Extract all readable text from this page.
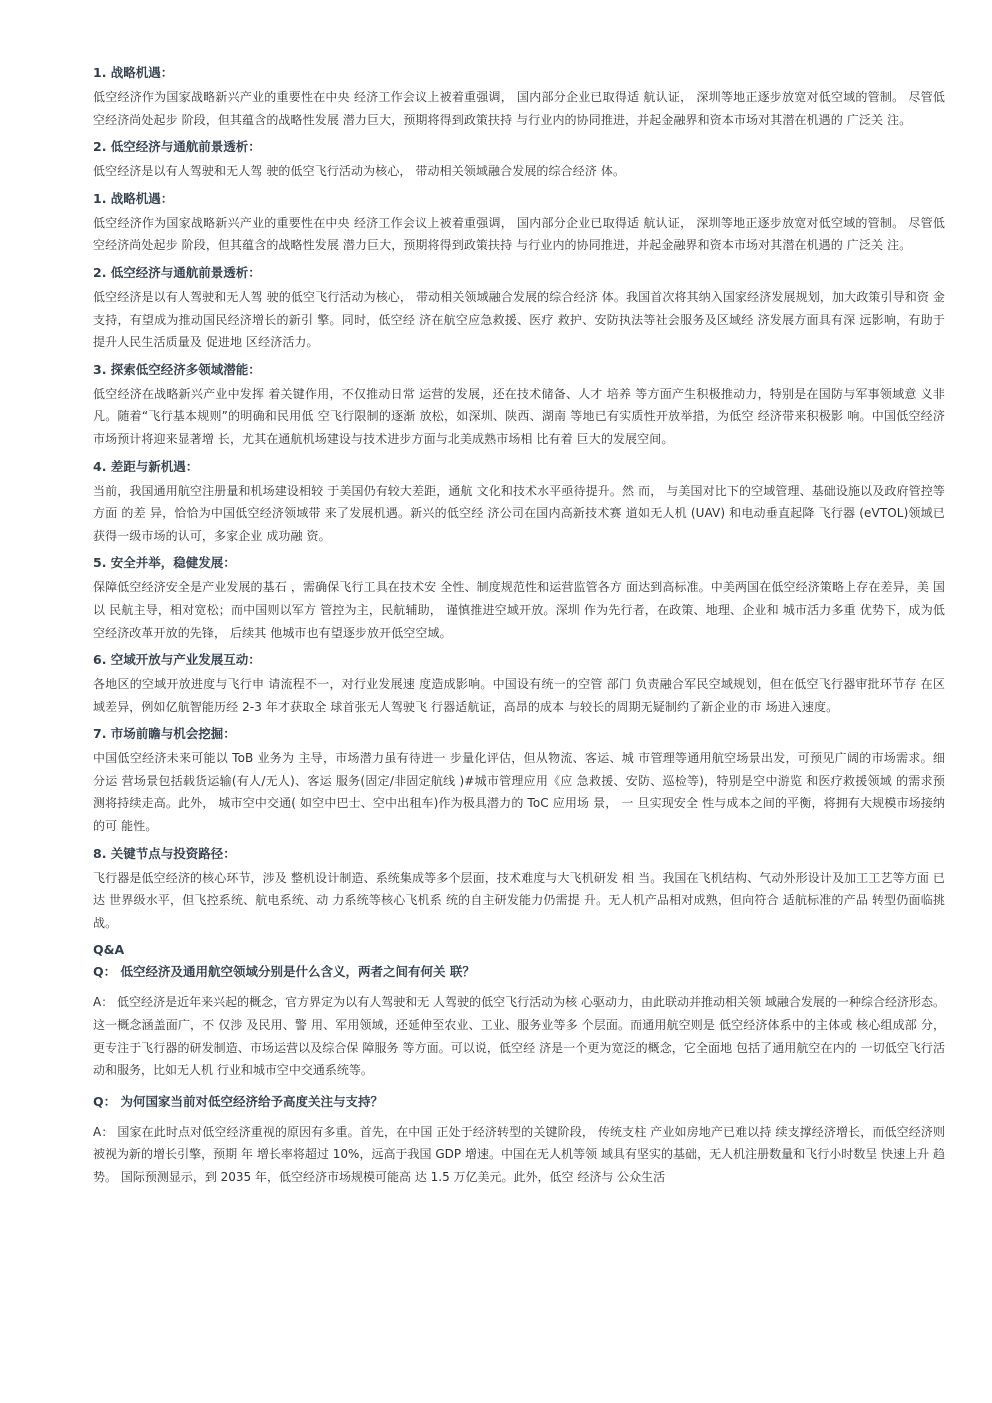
1. 战略机遇：
低空经济作为国家战略新兴产业的重要性在中央 经济工作会议上被着重强调， 国内部分企业已取得适 航认证， 深圳等地正逐步放宽对低空域的管制。 尽管低空经济尚处起步 阶段，但其蕴含的战略性发展 潜力巨大，预期将得到政策扶持 与行业内的协同推进，并起金融界和资本市场对其潜在机遇的 广泛关 注。
2. 低空经济与通航前景透析：
低空经济是以有人驾驶和无人驾 驶的低空飞行活动为核心， 带动相关领域融合发展的综合经济 体。
1. 战略机遇：
低空经济作为国家战略新兴产业的重要性在中央 经济工作会议上被着重强调， 国内部分企业已取得适 航认证， 深圳等地正逐步放宽对低空域的管制。 尽管低空经济尚处起步 阶段，但其蕴含的战略性发展 潜力巨大，预期将得到政策扶持 与行业内的协同推进，并起金融界和资本市场对其潜在机遇的 广泛关 注。
2. 低空经济与通航前景透析：
低空经济是以有人驾驶和无人驾 驶的低空飞行活动为核心， 带动相关领域融合发展的综合经济 体。我国首次将其纳入国家经济发展规划，加大政策引导和资 金支持，有望成为推动国民经济增长的新引 擎。同时，低空经 济在航空应急救援、医疗 救护、安防执法等社会服务及区域经 济发展方面具有深 远影响，有助于提升人民生活质量及 促进地 区经济活力。
3. 探索低空经济多领域潜能：
低空经济在战略新兴产业中发挥 着关键作用，不仅推动日常 运营的发展，还在技术储备、人才 培养 等方面产生积极推动力，特别是在国防与军事领域意 义非 凡。随着“飞行基本规则”的明确和民用低 空飞行限制的逐渐 放松，如深圳、陕西、湖南 等地已有实质性开放举措，为低空 经济带来积极影 响。中国低空经济市场预计将迎来显著增 长，尤其在通航机场建设与技术进步方面与北美成熟市场相 比有着 巨大的发展空间。
4. 差距与新机遇：
当前，我国通用航空注册量和机场建设相较 于美国仍有较大差距，通航 文化和技术水平亟待提升。然 而， 与美国对比下的空域管理、基础设施以及政府管控等方面 的差 异，恰恰为中国低空经济领域带 来了发展机遇。新兴的低空经 济公司在国内高新技术赛 道如无人机 (UAV) 和电动垂直起降 飞行器 (eVTOL)领域已获得一级市场的认可，多家企业 成功融 资。
5. 安全并举，稳健发展：
保障低空经济安全是产业发展的基石 ，需确保飞行工具在技术安 全性、制度规范性和运营监管各方 面达到高标准。中美两国在低空经济策略上存在差异，美 国以 民航主导，相对宽松；而中国则以军方 管控为主，民航辅助， 谨慎推进空域开放。深圳 作为先行者，在政策、地理、企业和 城市活力多重 优势下，成为低空经济改革开放的先锋， 后续其 他城市也有望逐步放开低空空域。
6. 空域开放与产业发展互动：
各地区的空域开放进度与飞行申 请流程不一，对行业发展速 度造成影响。中国设有统一的空管 部门 负责融合军民空域规划，但在低空飞行器审批环节存 在区域差异，例如亿航智能历经 2-3 年才获取全 球首张无人驾驶飞 行器适航证，高昂的成本 与较长的周期无疑制约了新企业的市 场进入速度。
7. 市场前瞻与机会挖掘：
中国低空经济未来可能以 ToB 业务为 主导，市场潜力虽有待进一 步量化评估，但从物流、客运、城 市管理等通用航空场景出发，可预见广阔的市场需求。细 分运 营场景包括载货运输(有人/无人)、客运 服务(固定/非固定航线 )#城市管理应用《应 急救援、安防、巡检等)，特别是空中游览 和医疗救援领域 的需求预测将持续走高。此外， 城市空中交通( 如空中巴士、空中出租车)作为极具潜力的 ToC 应用场 景， 一 旦实现安全 性与成本之间的平衡，将拥有大规模市场接纳的可 能性。
8. 关键节点与投资路径：
飞行器是低空经济的核心环节，涉及 整机设计制造、系统集成等多个层面，技术难度与大飞机研发 相 当。我国在飞机结构、气动外形设计及加工工艺等方面 已达 世界级水平，但飞控系统、航电系统、动 力系统等核心飞机系 统的自主研发能力仍需提 升。无人机产品相对成熟，但向符合 适航标准的产品 转型仍面临挑战。
Q&A
Q： 低空经济及通用航空领域分别是什么含义，两者之间有何关 联？
A： 低空经济是近年来兴起的概念，官方界定为以有人驾驶和无 人驾驶的低空飞行活动为核 心驱动力，由此联动并推动相关领 域融合发展的一种综合经济形态。这一概念涵盖面广，不 仅涉 及民用、警 用、军用领域，还延伸至农业、工业、服务业等多 个层面。而通用航空则是 低空经济体系中的主体或 核心组成部 分，更专注于飞行器的研发制造、市场运营以及综合保 障服务 等方面。可以说，低空经 济是一个更为宽泛的概念，它全面地 包括了通用航空在内的 一切低空飞行活动和服务，比如无人机 行业和城市空中交通系统等。
Q： 为何国家当前对低空经济给予高度关注与支持？
A： 国家在此时点对低空经济重视的原因有多重。首先，在中国 正处于经济转型的关键阶段， 传统支柱 产业如房地产已难以持 续支撑经济增长，而低空经济则被视为新的增长引擎，预期 年 增长率将超过 10%，远高于我国 GDP 增速。中国在无人机等领 域具有坚实的基础，无人机注册数量和飞行小时数呈 快速上升 趋势。 国际预测显示，到 2035 年，低空经济市场规模可能高 达 1.5 万亿美元。此外，低空 经济与 公众生活
